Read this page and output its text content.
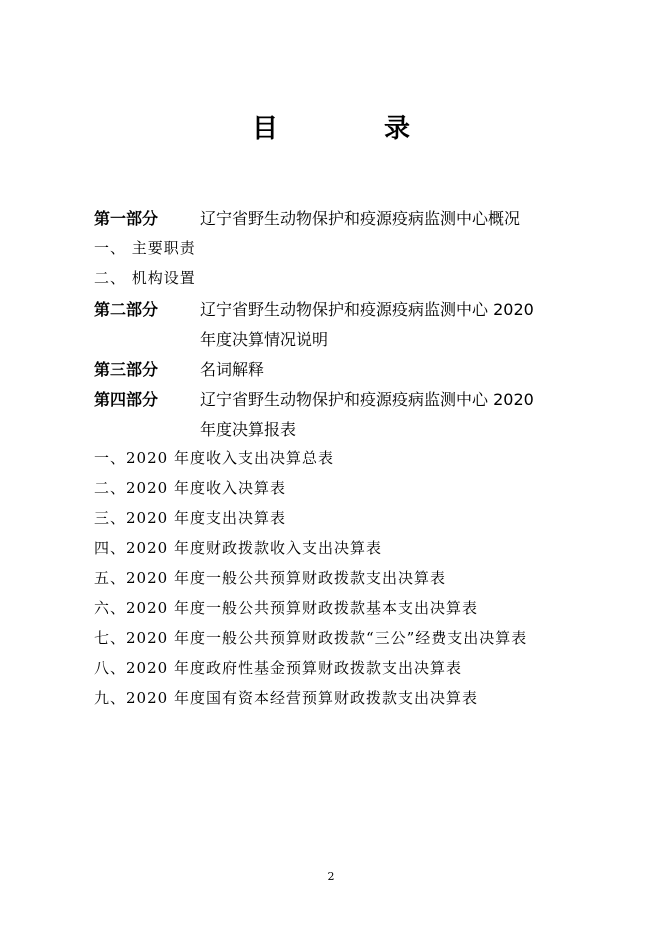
目　录
第一部分	辽宁省野生动物保护和疫源疫病监测中心概况
一、 主要职责
二、 机构设置
第二部分	辽宁省野生动物保护和疫源疫病监测中心 2020
年度决算情况说明
第三部分	名词解释
第四部分	辽宁省野生动物保护和疫源疫病监测中心 2020
年度决算报表
一、2020 年度收入支出决算总表
二、2020 年度收入决算表
三、2020 年度支出决算表
四、2020 年度财政拨款收入支出决算表
五、2020 年度一般公共预算财政拨款支出决算表
六、2020 年度一般公共预算财政拨款基本支出决算表
七、2020 年度一般公共预算财政拨款“三公”经费支出决算表
八、2020 年度政府性基金预算财政拨款支出决算表
九、2020 年度国有资本经营预算财政拨款支出决算表
2
